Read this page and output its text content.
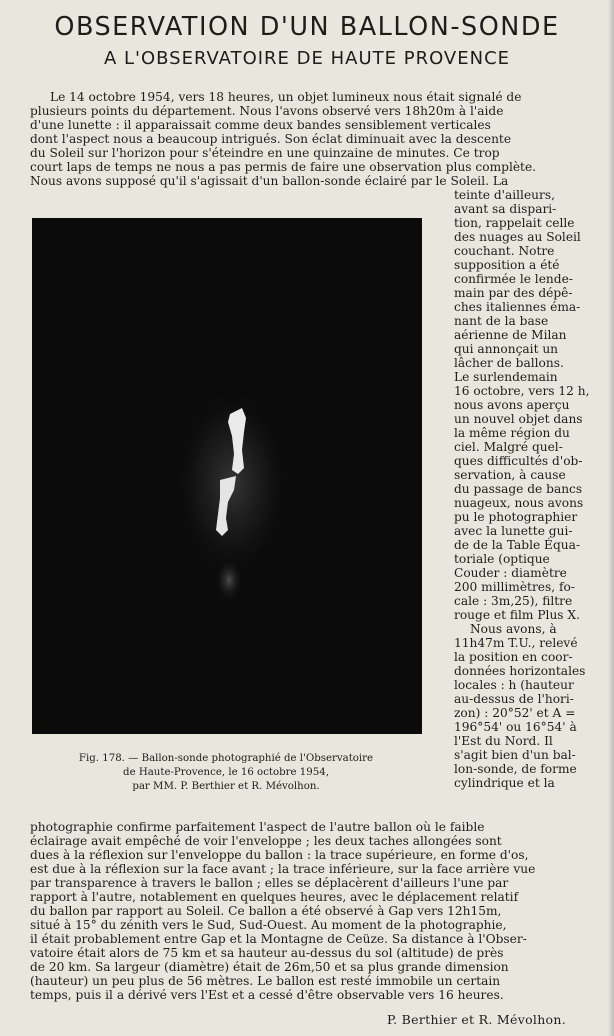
OBSERVATION D'UN BALLON-SONDE
A L'OBSERVATOIRE DE HAUTE PROVENCE
Le 14 octobre 1954, vers 18 heures, un objet lumineux nous était signalé de
plusieurs points du département. Nous l'avons observé vers 18h20m à l'aide
d'une lunette : il apparaissait comme deux bandes sensiblement verticales
dont l'aspect nous a beaucoup intrigués. Son éclat diminuait avec la descente
du Soleil sur l'horizon pour s'éteindre en une quinzaine de minutes. Ce trop
court laps de temps ne nous a pas permis de faire une observation plus complète.
Nous avons supposé qu'il s'agissait d'un ballon-sonde éclairé par le Soleil. La
Fig. 178. — Ballon-sonde photographié de l'Observatoire
de Haute-Provence, le 16 octobre 1954,
par MM. P. Berthier et R. Mévolhon.
teinte d'ailleurs,
avant sa dispari-
tion, rappelait celle
des nuages au Soleil
couchant. Notre
supposition a été
confirmée le lende-
main par des dépê-
ches italiennes éma-
nant de la base
aérienne de Milan
qui annonçait un
lâcher de ballons.
Le surlendemain
16 octobre, vers 12 h,
nous avons aperçu
un nouvel objet dans
la même région du
ciel. Malgré quel-
ques difficultés d'ob-
servation, à cause
du passage de bancs
nuageux, nous avons
pu le photographier
avec la lunette gui-
de de la Table Équa-
toriale (optique
Couder : diamètre
200 millimètres, fo-
cale : 3m,25), filtre
rouge et film Plus X.
Nous avons, à
11h47m T.U., relevé
la position en coor-
données horizontales
locales : h (hauteur
au-dessus de l'hori-
zon) : 20°52' et A =
196°54' ou 16°54' à
l'Est du Nord. Il
s'agit bien d'un bal-
lon-sonde, de forme
cylindrique et la
photographie confirme parfaitement l'aspect de l'autre ballon où le faible
éclairage avait empêché de voir l'enveloppe ; les deux taches allongées sont
dues à la réflexion sur l'enveloppe du ballon : la trace supérieure, en forme d'os,
est due à la réflexion sur la face avant ; la trace inférieure, sur la face arrière vue
par transparence à travers le ballon ; elles se déplacèrent d'ailleurs l'une par
rapport à l'autre, notablement en quelques heures, avec le déplacement relatif
du ballon par rapport au Soleil. Ce ballon a été observé à Gap vers 12h15m,
situé à 15° du zénith vers le Sud, Sud-Ouest. Au moment de la photographie,
il était probablement entre Gap et la Montagne de Ceüze. Sa distance à l'Obser-
vatoire était alors de 75 km et sa hauteur au-dessus du sol (altitude) de près
de 20 km. Sa largeur (diamètre) était de 26m,50 et sa plus grande dimension
(hauteur) un peu plus de 56 mètres. Le ballon est resté immobile un certain
temps, puis il a dérivé vers l'Est et a cessé d'être observable vers 16 heures.
P. Berthier et R. Mévolhon.
